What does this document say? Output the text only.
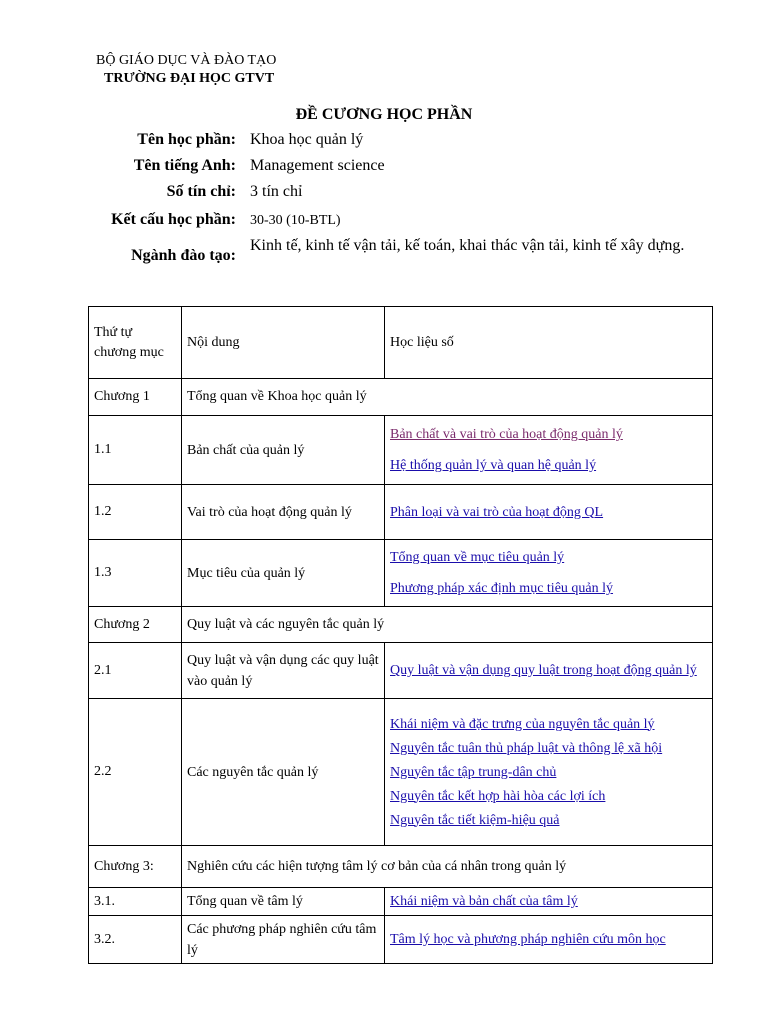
BỘ GIÁO DỤC VÀ ĐÀO TẠO
TRƯỜNG ĐẠI HỌC GTVT
ĐỀ CƯƠNG HỌC PHẦN
Tên học phần: Khoa học quản lý
Tên tiếng Anh: Management science
Số tín chỉ: 3 tín chỉ
Kết cấu học phần: 30-30 (10-BTL)
Ngành đào tạo:
Kinh tế, kinh tế vận tải, kế toán, khai thác vận tải, kinh tế xây dựng.
Thứ tự chương mục	Nội dung	Học liệu số
Chương 1	Tổng quan về Khoa học quản lý	
1.1	Bản chất của quản lý	Bản chất và vai trò của hoạt động quản lý
Hệ thống quản lý và quan hệ quản lý

1.2	Vai trò của hoạt động quản lý	Phân loại và vai trò của hoạt động QL

1.3	Mục tiêu của quản lý	Tổng quan về mục tiêu quản lý
Phương pháp xác định mục tiêu quản lý

Chương 2	Quy luật và các nguyên tắc quản lý	
2.1	Quy luật và vận dụng các quy luật vào quản lý	Quy luật và vận dụng quy luật trong hoạt động quản lý

2.2	Các nguyên tắc quản lý	Khái niệm và đặc trưng của nguyên tắc quản lý
Nguyên tắc tuân thủ pháp luật và thông lệ xã hội
Nguyên tắc tập trung-dân chủ
Nguyên tắc kết hợp hài hòa các lợi ích
Nguyên tắc tiết kiệm-hiệu quả

Chương 3:	Nghiên cứu các hiện tượng tâm lý cơ bản của cá nhân trong quản lý	
3.1.	Tổng quan về tâm lý	Khái niệm và bản chất của tâm lý

3.2.	Các phương pháp nghiên cứu tâm lý	Tâm lý học và phương pháp nghiên cứu môn học
